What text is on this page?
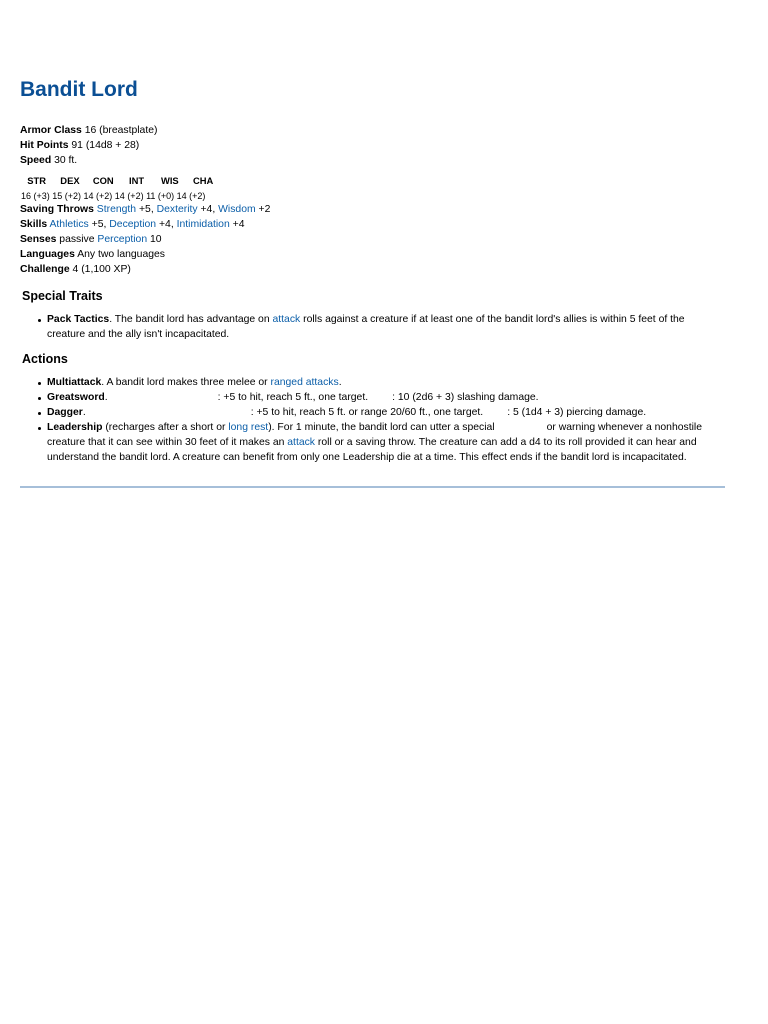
Bandit Lord
Armor Class 16 (breastplate)
Hit Points 91 (14d8 + 28)
Speed 30 ft.
STR	DEX	CON	INT	WIS	CHA
16 (+3) 15 (+2) 14 (+2) 14 (+2) 11 (+0) 14 (+2)
Saving Throws Strength +5, Dexterity +4, Wisdom +2
Skills Athletics +5, Deception +4, Intimidation +4
Senses passive Perception 10
Languages Any two languages
Challenge 4 (1,100 XP)
Special Traits
Pack Tactics. The bandit lord has advantage on attack rolls against a creature if at least one of the bandit lord's allies is within 5 feet of the creature and the ally isn't incapacitated.
Actions
Multiattack. A bandit lord makes three melee or ranged attacks.
Greatsword.	: +5 to hit, reach 5 ft., one target. : 10 (2d6 + 3) slashing damage.
Dagger.	: +5 to hit, reach 5 ft. or range 20/60 ft., one target. : 5 (1d4 + 3) piercing damage.
Leadership (recharges after a short or long rest). For 1 minute, the bandit lord can utter a special	or warning whenever a nonhostile creature that it can see within 30 feet of it makes an attack roll or a saving throw. The creature can add a d4 to its roll provided it can hear and understand the bandit lord. A creature can benefit from only one Leadership die at a time. This effect ends if the bandit lord is incapacitated.
